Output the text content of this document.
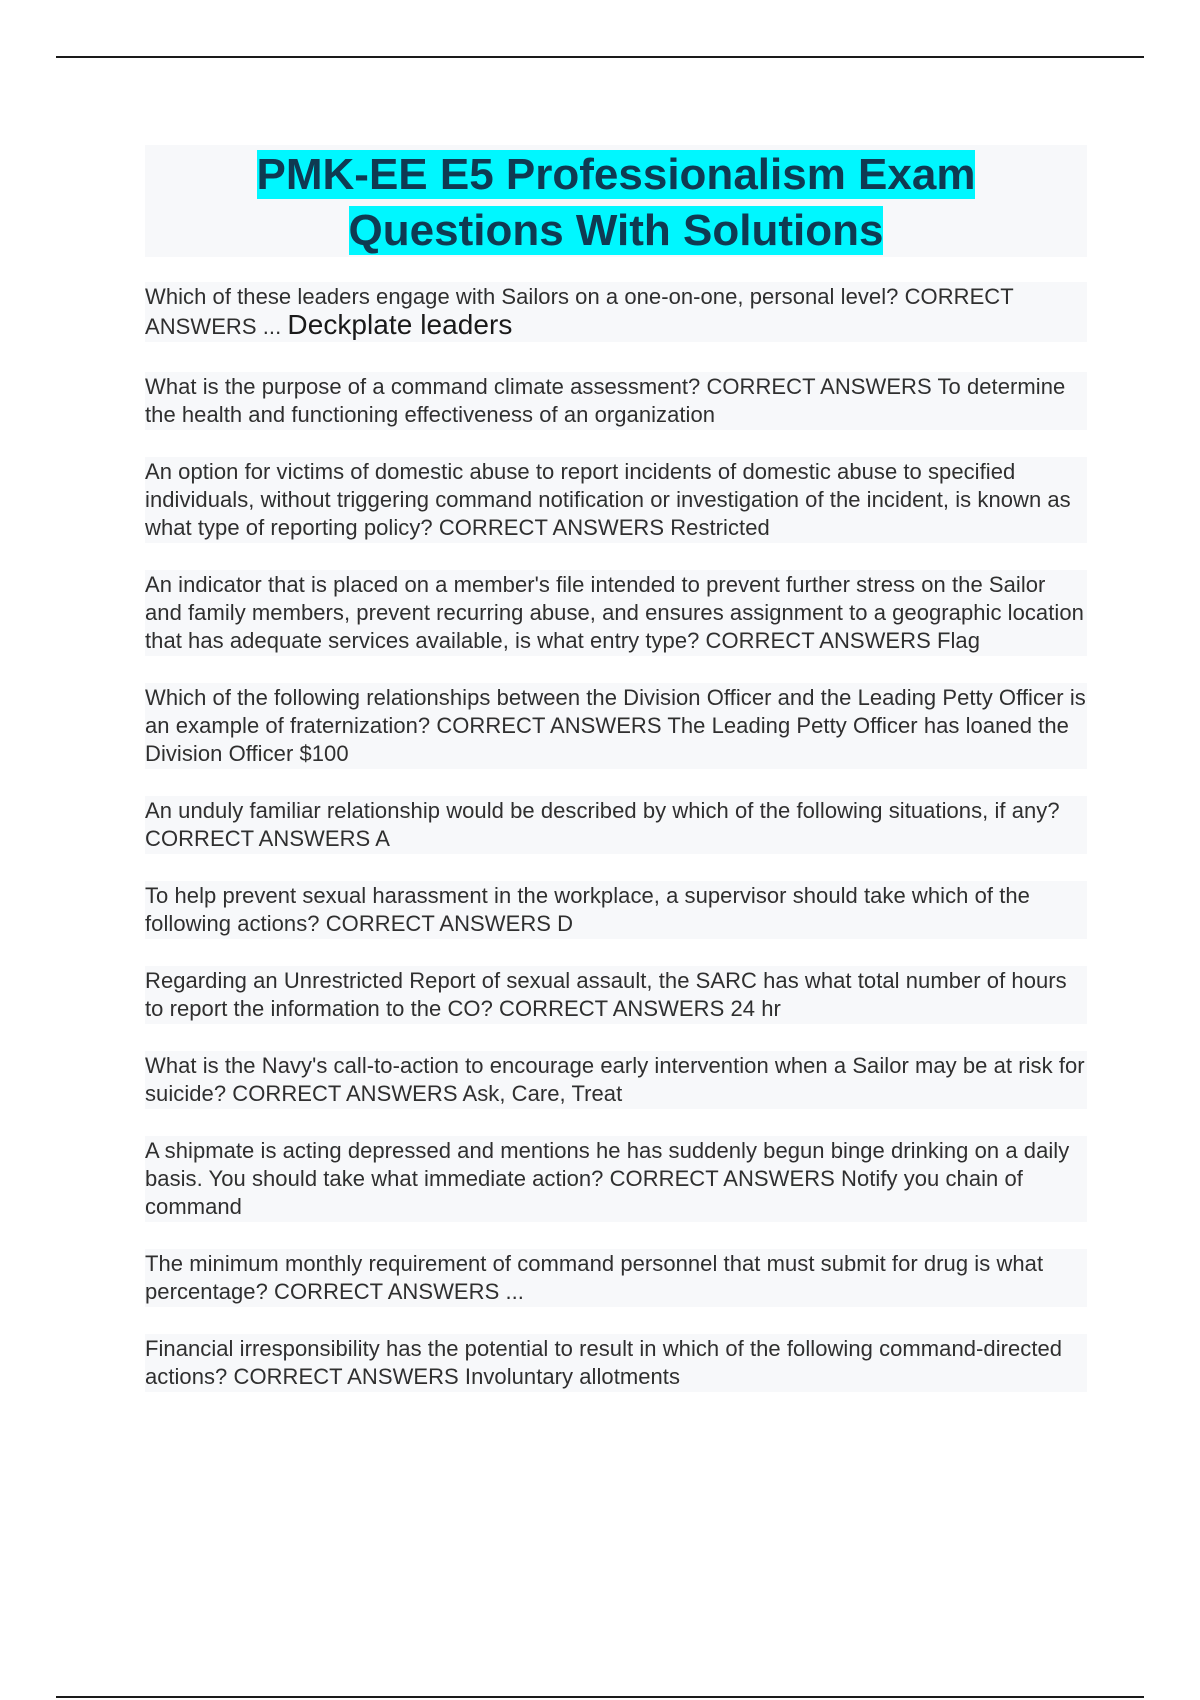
PMK-EE E5 Professionalism Exam Questions With Solutions

Which of these leaders engage with Sailors on a one-on-one, personal level? CORRECT ANSWERS ... Deckplate leaders

What is the purpose of a command climate assessment? CORRECT ANSWERS To determine the health and functioning effectiveness of an organization

An option for victims of domestic abuse to report incidents of domestic abuse to specified individuals, without triggering command notification or investigation of the incident, is known as what type of reporting policy? CORRECT ANSWERS Restricted

An indicator that is placed on a member's file intended to prevent further stress on the Sailor and family members, prevent recurring abuse, and ensures assignment to a geographic location that has adequate services available, is what entry type? CORRECT ANSWERS Flag

Which of the following relationships between the Division Officer and the Leading Petty Officer is an example of fraternization? CORRECT ANSWERS The Leading Petty Officer has loaned the Division Officer $100

An unduly familiar relationship would be described by which of the following situations, if any? CORRECT ANSWERS A

To help prevent sexual harassment in the workplace, a supervisor should take which of the following actions? CORRECT ANSWERS D

Regarding an Unrestricted Report of sexual assault, the SARC has what total number of hours to report the information to the CO? CORRECT ANSWERS 24 hr

What is the Navy's call-to-action to encourage early intervention when a Sailor may be at risk for suicide? CORRECT ANSWERS Ask, Care, Treat

A shipmate is acting depressed and mentions he has suddenly begun binge drinking on a daily basis. You should take what immediate action? CORRECT ANSWERS Notify you chain of command

The minimum monthly requirement of command personnel that must submit for drug is what percentage? CORRECT ANSWERS ...

Financial irresponsibility has the potential to result in which of the following command-directed actions? CORRECT ANSWERS Involuntary allotments
